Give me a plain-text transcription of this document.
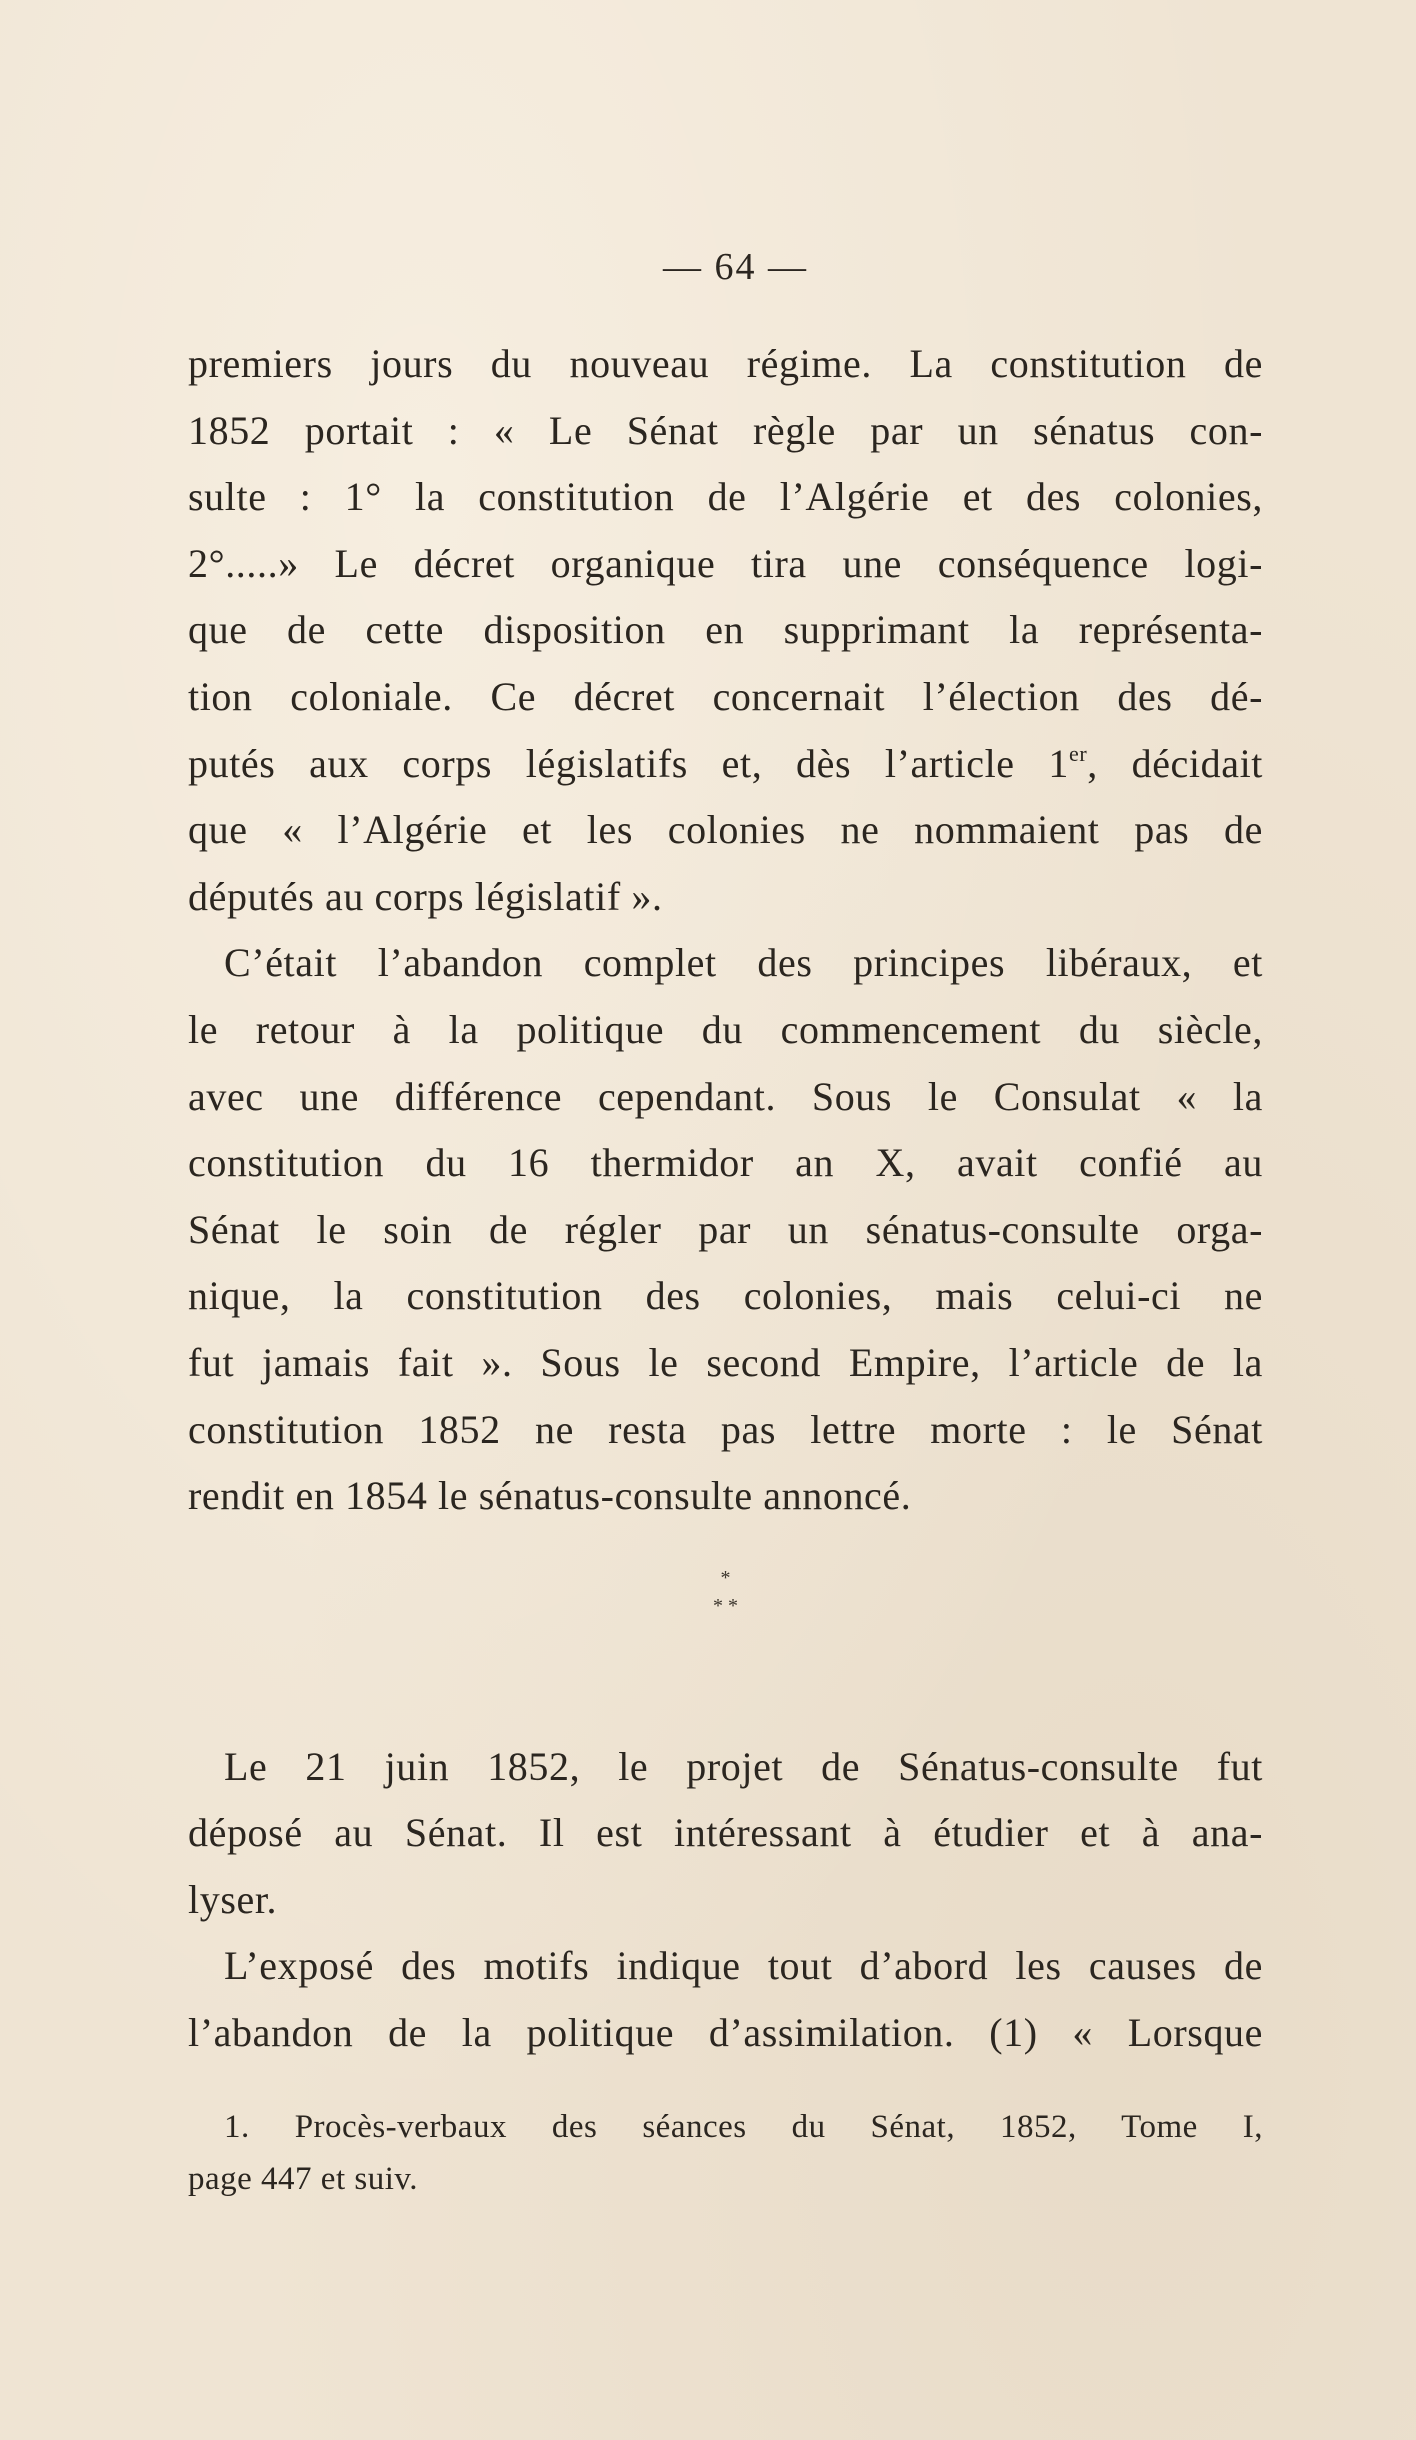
— 64 —
premiers jours du nouveau régime. La constitution de
1852 portait : « Le Sénat règle par un sénatus con-
sulte : 1° la constitution de l’Algérie et des colonies,
2°.....» Le décret organique tira une conséquence logi-
que de cette disposition en supprimant la représenta-
tion coloniale. Ce décret concernait l’élection des dé-
putés aux corps législatifs et, dès l’article 1er, décidait
que « l’Algérie et les colonies ne nommaient pas de
députés au corps législatif ».
C’était l’abandon complet des principes libéraux, et
le retour à la politique du commencement du siècle,
avec une différence cependant. Sous le Consulat « la
constitution du 16 thermidor an X, avait confié au
Sénat le soin de régler par un sénatus-consulte orga-
nique, la constitution des colonies, mais celui-ci ne
fut jamais fait ». Sous le second Empire, l’article de la
constitution 1852 ne resta pas lettre morte : le Sénat
rendit en 1854 le sénatus-consulte annoncé.
*
* *
Le 21 juin 1852, le projet de Sénatus-consulte fut
déposé au Sénat. Il est intéressant à étudier et à ana-
lyser.
L’exposé des motifs indique tout d’abord les causes de
l’abandon de la politique d’assimilation. (1) « Lorsque
1. Procès-verbaux des séances du Sénat, 1852, Tome I,
page 447 et suiv.
